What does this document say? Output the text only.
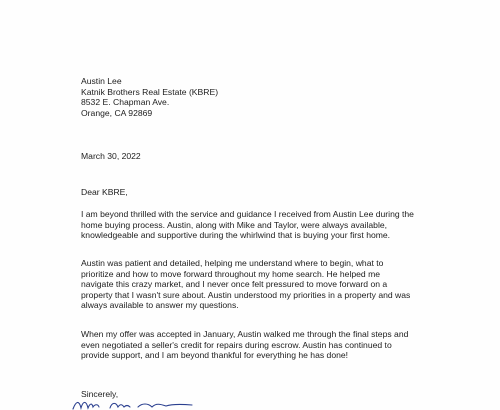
Austin Lee
Katnik Brothers Real Estate (KBRE)
8532 E. Chapman Ave.
Orange, CA 92869
March 30, 2022
Dear KBRE,

I am beyond thrilled with the service and guidance I received from Austin Lee during the
home buying process. Austin, along with Mike and Taylor, were always available,
knowledgeable and supportive during the whirlwind that is buying your first home.

Austin was patient and detailed, helping me understand where to begin, what to
prioritize and how to move forward throughout my home search. He helped me
navigate this crazy market, and I never once felt pressured to move forward on a
property that I wasn't sure about. Austin understood my priorities in a property and was
always available to answer my questions.

When my offer was accepted in January, Austin walked me through the final steps and
even negotiated a seller's credit for repairs during escrow. Austin has continued to
provide support, and I am beyond thankful for everything he has done!

Sincerely,
